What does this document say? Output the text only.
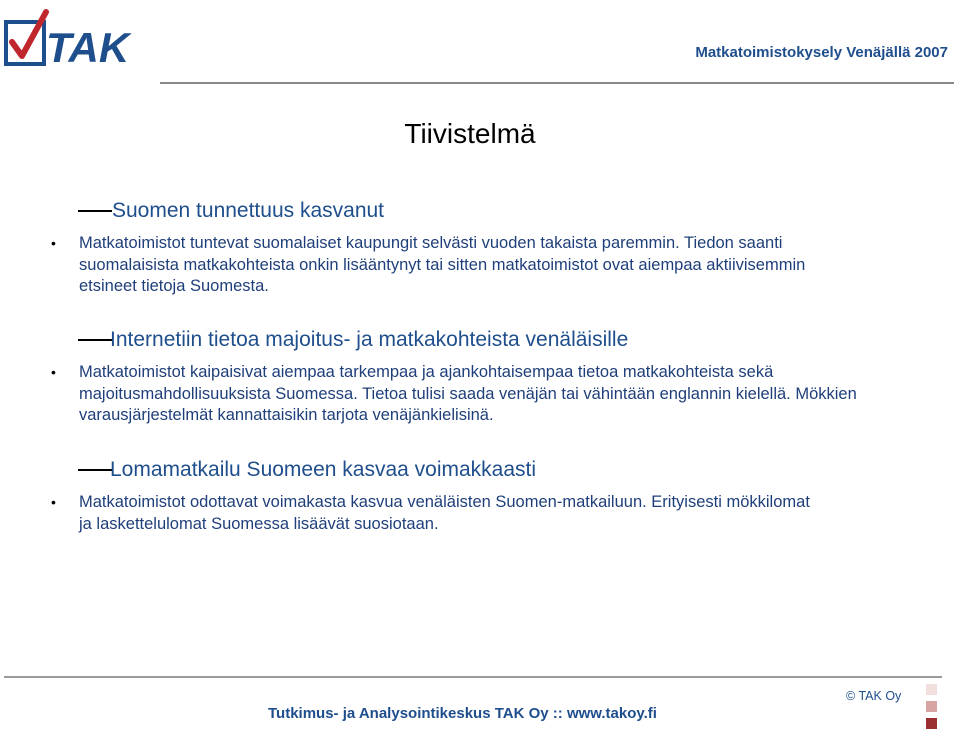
TAK	Matkatoimistokysely Venäjällä 2007
Tiivistelmä
Suomen tunnettuus kasvanut
•	Matkatoimistot tuntevat suomalaiset kaupungit selvästi vuoden takaista paremmin. Tiedon saanti suomalaisista matkakohteista onkin lisääntynyt tai sitten matkatoimistot ovat aiempaa aktiivisemmin etsineet tietoja Suomesta.
Internetiin tietoa majoitus- ja matkakohteista venäläisille
•	Matkatoimistot kaipaisivat aiempaa tarkempaa ja ajankohtaisempaa tietoa matkakohteista sekä majoitusmahdollisuuksista Suomessa. Tietoa tulisi saada venäjän tai vähintään englannin kielellä. Mökkien varausjärjestelmät kannattaisikin tarjota venäjänkielisinä.
Lomamatkailu Suomeen kasvaa voimakkaasti
•	Matkatoimistot odottavat voimakasta kasvua venäläisten Suomen-matkailuun. Erityisesti mökkilomat ja laskettelulomat Suomessa lisäävät suosiotaan.
© TAK Oy
Tutkimus- ja Analysointikeskus TAK Oy :: www.takoy.fi
